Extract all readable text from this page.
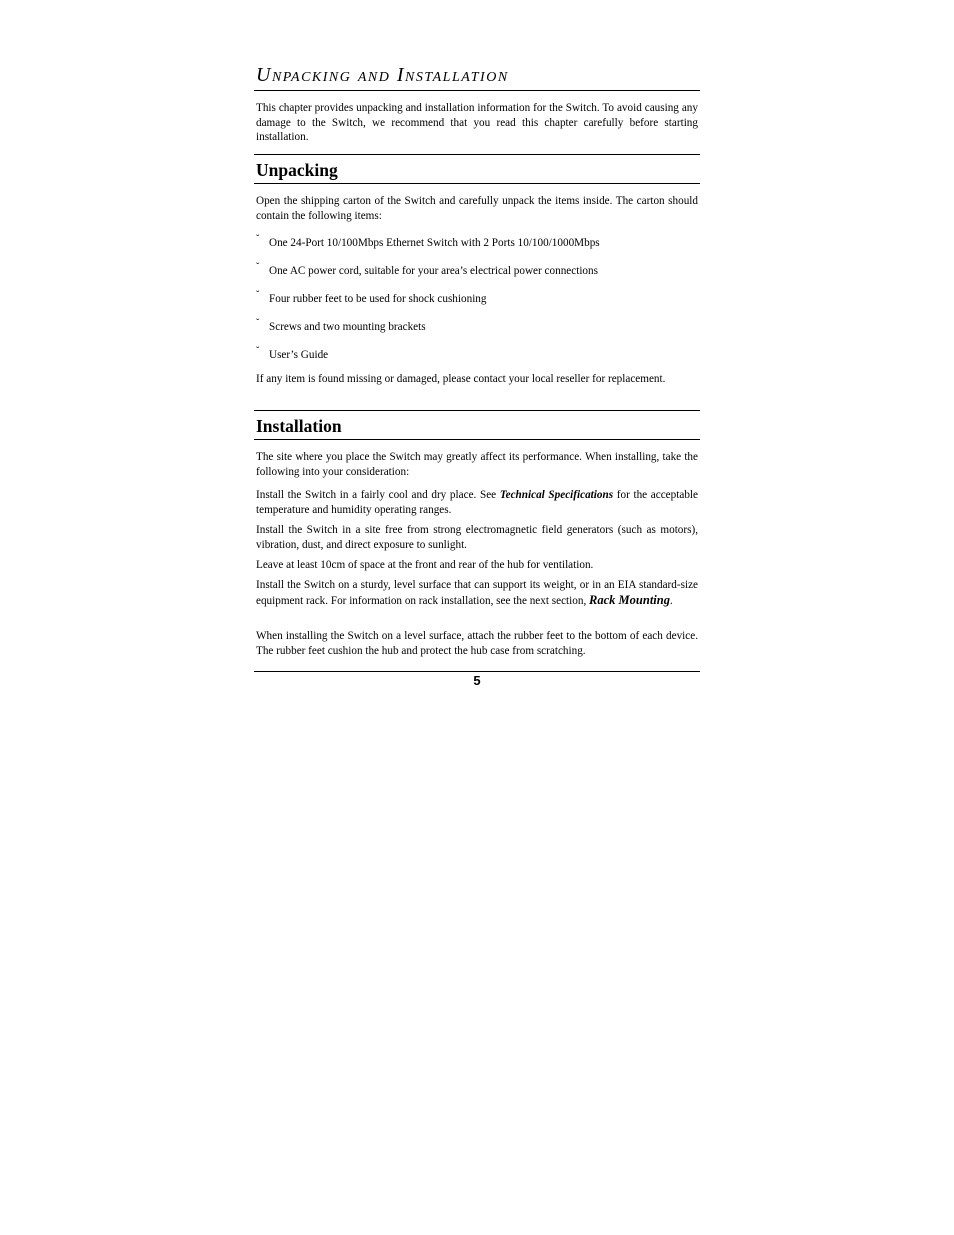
Unpacking and Installation

This chapter provides unpacking and installation information for the Switch. To avoid causing any damage to the Switch, we recommend that you read this chapter carefully before starting installation.

Unpacking

Open the shipping carton of the Switch and carefully unpack the items inside. The carton should contain the following items:

ˇ One 24-Port 10/100Mbps Ethernet Switch with 2 Ports 10/100/1000Mbps
ˇ One AC power cord, suitable for your area’s electrical power connections
ˇ Four rubber feet to be used for shock cushioning
ˇ Screws and two mounting brackets
ˇ User’s Guide

If any item is found missing or damaged, please contact your local reseller for replacement.

Installation

The site where you place the Switch may greatly affect its performance. When installing, take the following into your consideration:

Install the Switch in a fairly cool and dry place. See Technical Specifications for the acceptable temperature and humidity operating ranges.

Install the Switch in a site free from strong electromagnetic field generators (such as motors), vibration, dust, and direct exposure to sunlight.

Leave at least 10cm of space at the front and rear of the hub for ventilation.

Install the Switch on a sturdy, level surface that can support its weight, or in an EIA standard-size equipment rack. For information on rack installation, see the next section, Rack Mounting.

When installing the Switch on a level surface, attach the rubber feet to the bottom of each device. The rubber feet cushion the hub and protect the hub case from scratching.

5
